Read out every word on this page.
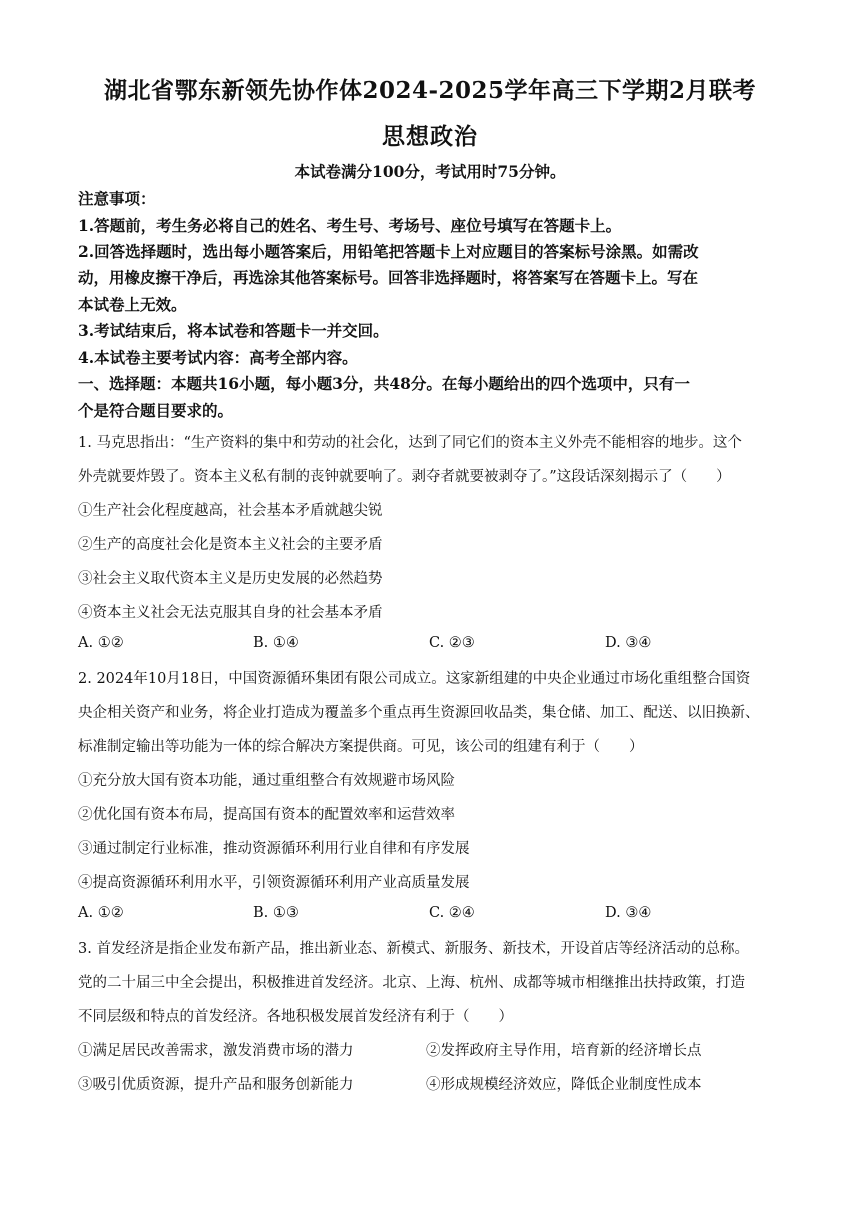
湖北省鄂东新领先协作体2024-2025学年高三下学期2月联考
思想政治
本试卷满分100分，考试用时75分钟。
注意事项：
1.答题前，考生务必将自己的姓名、考生号、考场号、座位号填写在答题卡上。
2.回答选择题时，选出每小题答案后，用铅笔把答题卡上对应题目的答案标号涂黑。如需改
动，用橡皮擦干净后，再选涂其他答案标号。回答非选择题时，将答案写在答题卡上。写在
本试卷上无效。
3.考试结束后，将本试卷和答题卡一并交回。
4.本试卷主要考试内容：高考全部内容。
一、选择题：本题共16小题，每小题3分，共48分。在每小题给出的四个选项中，只有一
个是符合题目要求的。
1. 马克思指出：“生产资料的集中和劳动的社会化，达到了同它们的资本主义外壳不能相容的地步。这个
外壳就要炸毁了。资本主义私有制的丧钟就要响了。剥夺者就要被剥夺了。”这段话深刻揭示了（　　）
①生产社会化程度越高，社会基本矛盾就越尖锐
②生产的高度社会化是资本主义社会的主要矛盾
③社会主义取代资本主义是历史发展的必然趋势
④资本主义社会无法克服其自身的社会基本矛盾
A. ①②	B. ①④	C. ②③	D. ③④
2. 2024年10月18日，中国资源循环集团有限公司成立。这家新组建的中央企业通过市场化重组整合国资
央企相关资产和业务，将企业打造成为覆盖多个重点再生资源回收品类，集仓储、加工、配送、以旧换新、
标准制定输出等功能为一体的综合解决方案提供商。可见，该公司的组建有利于（　　）
①充分放大国有资本功能，通过重组整合有效规避市场风险
②优化国有资本布局，提高国有资本的配置效率和运营效率
③通过制定行业标准，推动资源循环利用行业自律和有序发展
④提高资源循环利用水平，引领资源循环利用产业高质量发展
A. ①②	B. ①③	C. ②④	D. ③④
3. 首发经济是指企业发布新产品，推出新业态、新模式、新服务、新技术，开设首店等经济活动的总称。
党的二十届三中全会提出，积极推进首发经济。北京、上海、杭州、成都等城市相继推出扶持政策，打造
不同层级和特点的首发经济。各地积极发展首发经济有利于（　　）
①满足居民改善需求，激发消费市场的潜力	②发挥政府主导作用，培育新的经济增长点
③吸引优质资源，提升产品和服务创新能力	④形成规模经济效应，降低企业制度性成本
